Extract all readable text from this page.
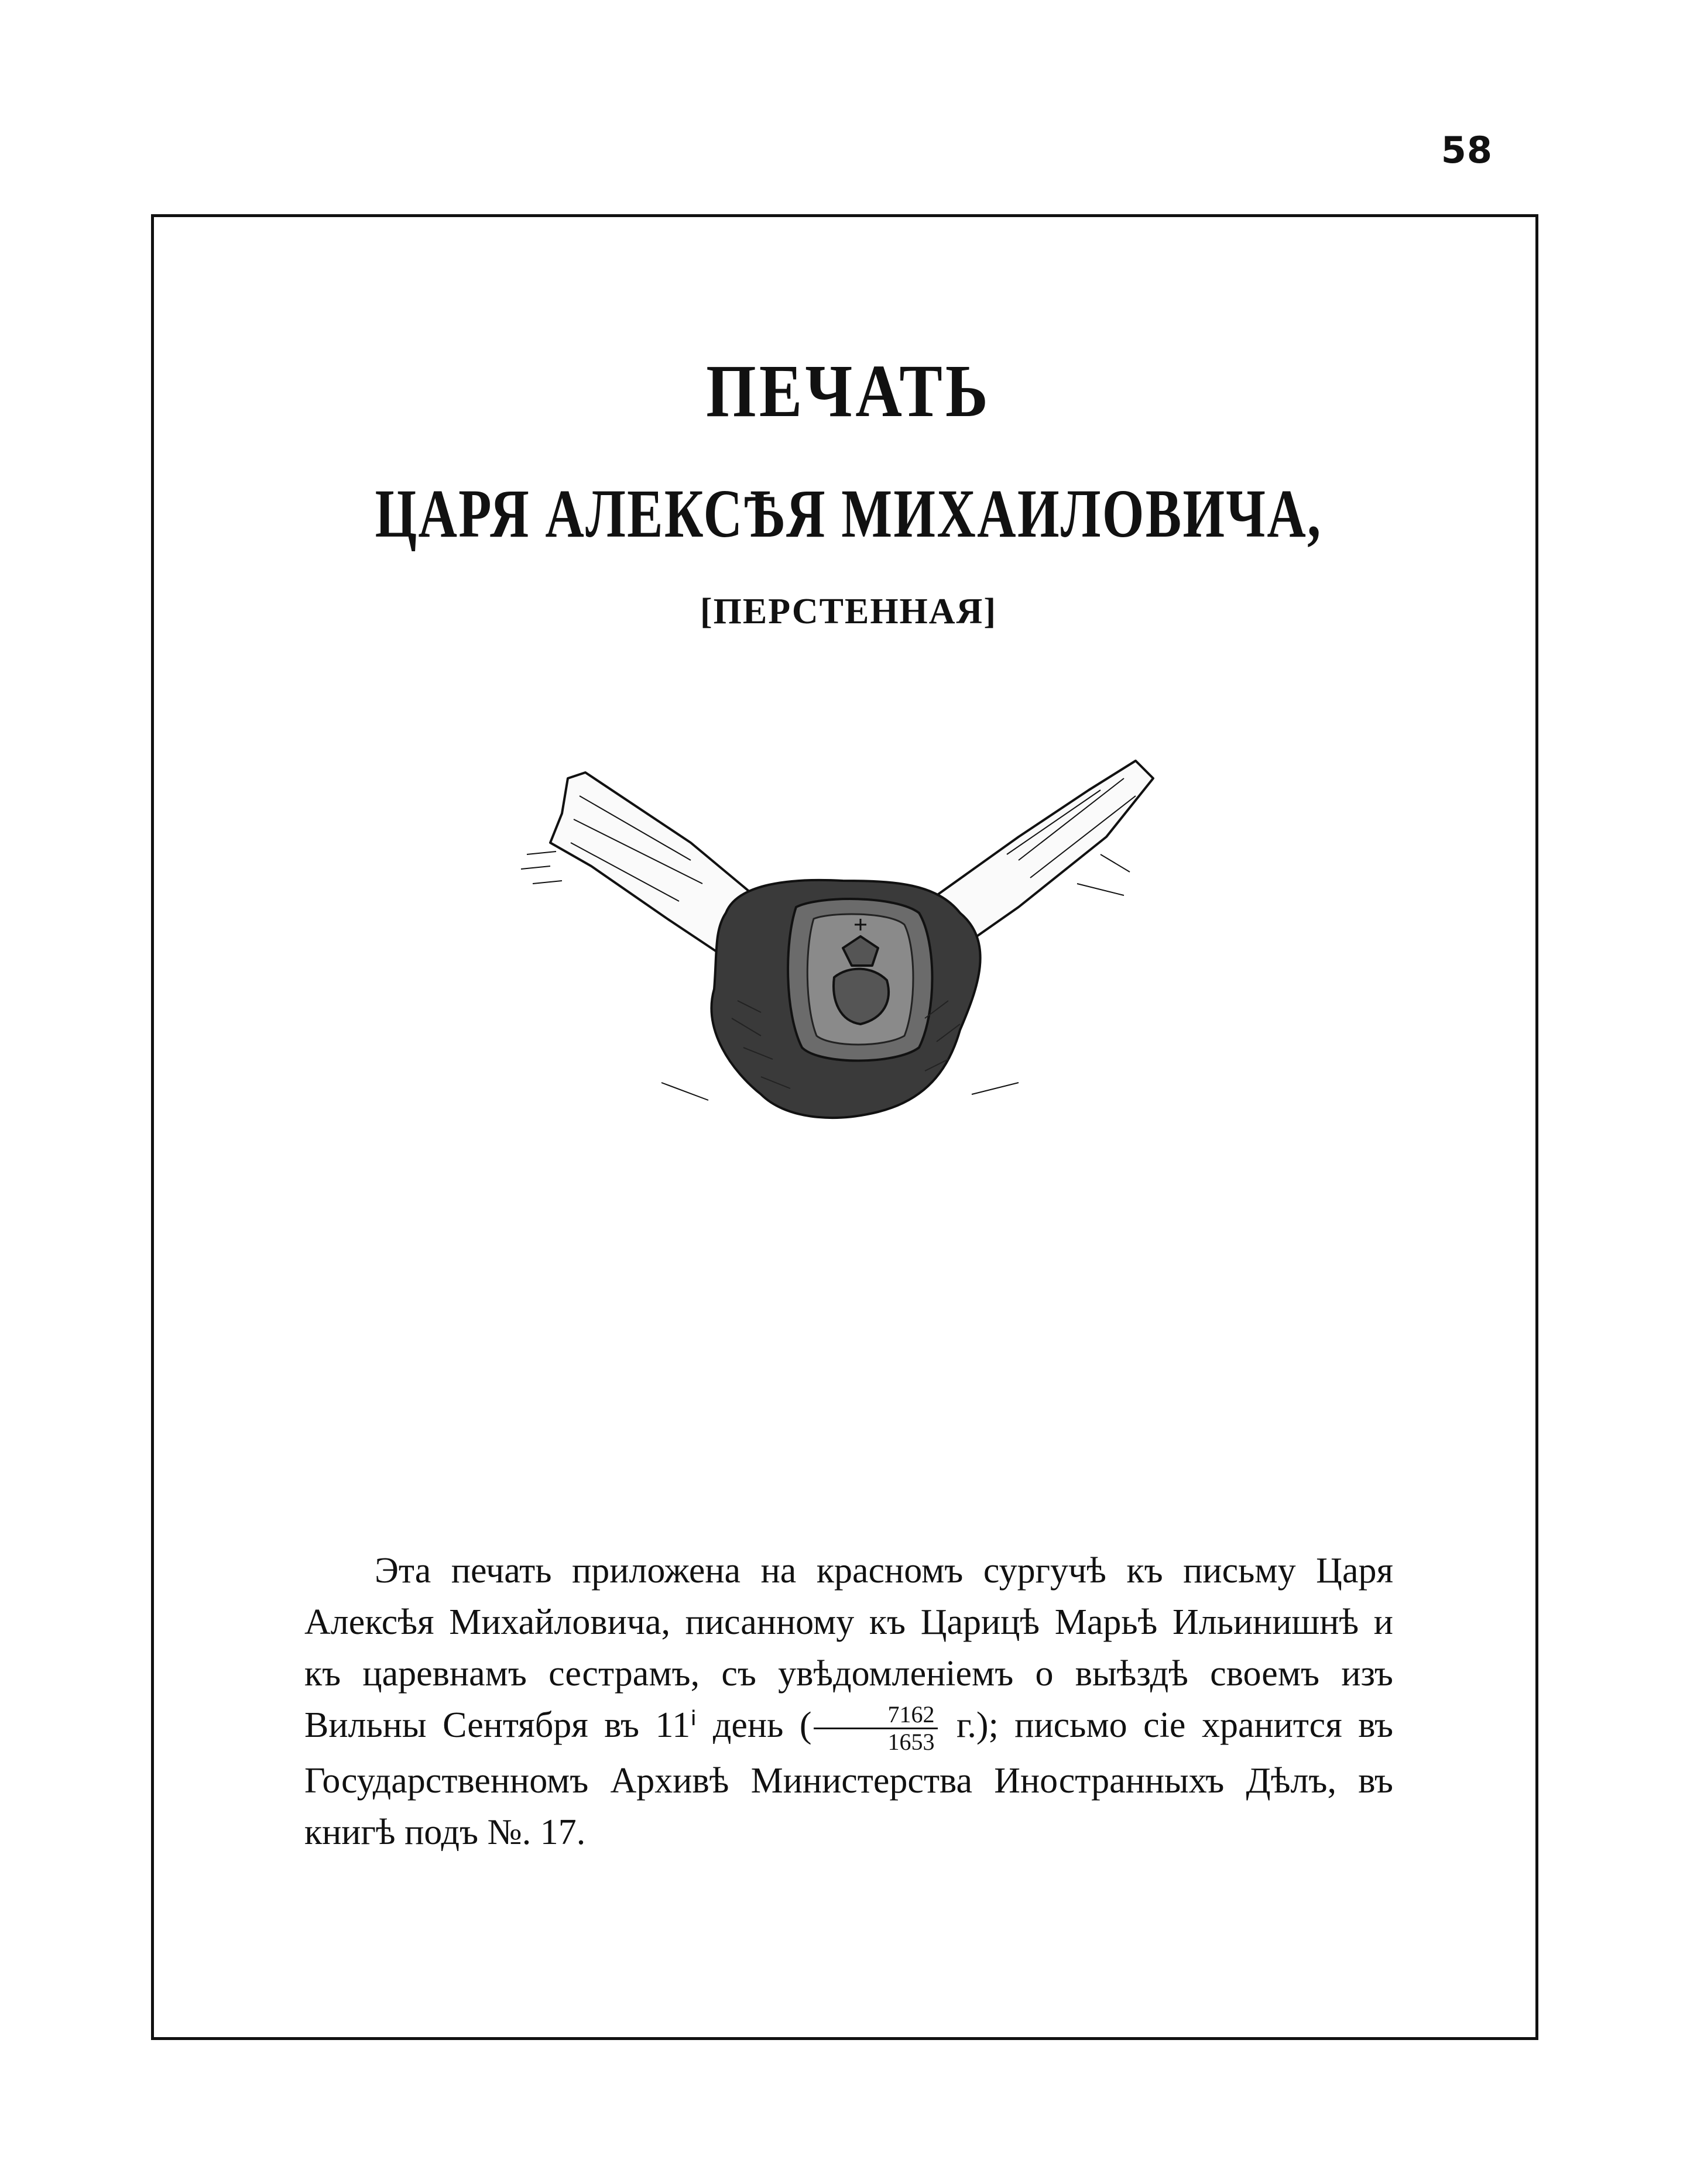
58
ПЕЧАТЬ
ЦАРЯ АЛЕКСѢЯ МИХАИЛОВИЧА,
[ПЕРСТЕННАЯ]
Эта печать приложена на красномъ сургучѣ къ письму Царя Алексѣя Михайловича, писанному къ Царицѣ Марьѣ Ильинишнѣ и къ царевнамъ сестрамъ, съ увѣдомленіемъ о выѣздѣ своемъ изъ Вильны Сентября въ 11ⁱ день ( $\frac{7162}{1653} г$.); письмо сіе хранится въ Государственномъ Архивѣ Министерства Иностранныхъ Дѣлъ, въ книгѣ подъ №. 17.
